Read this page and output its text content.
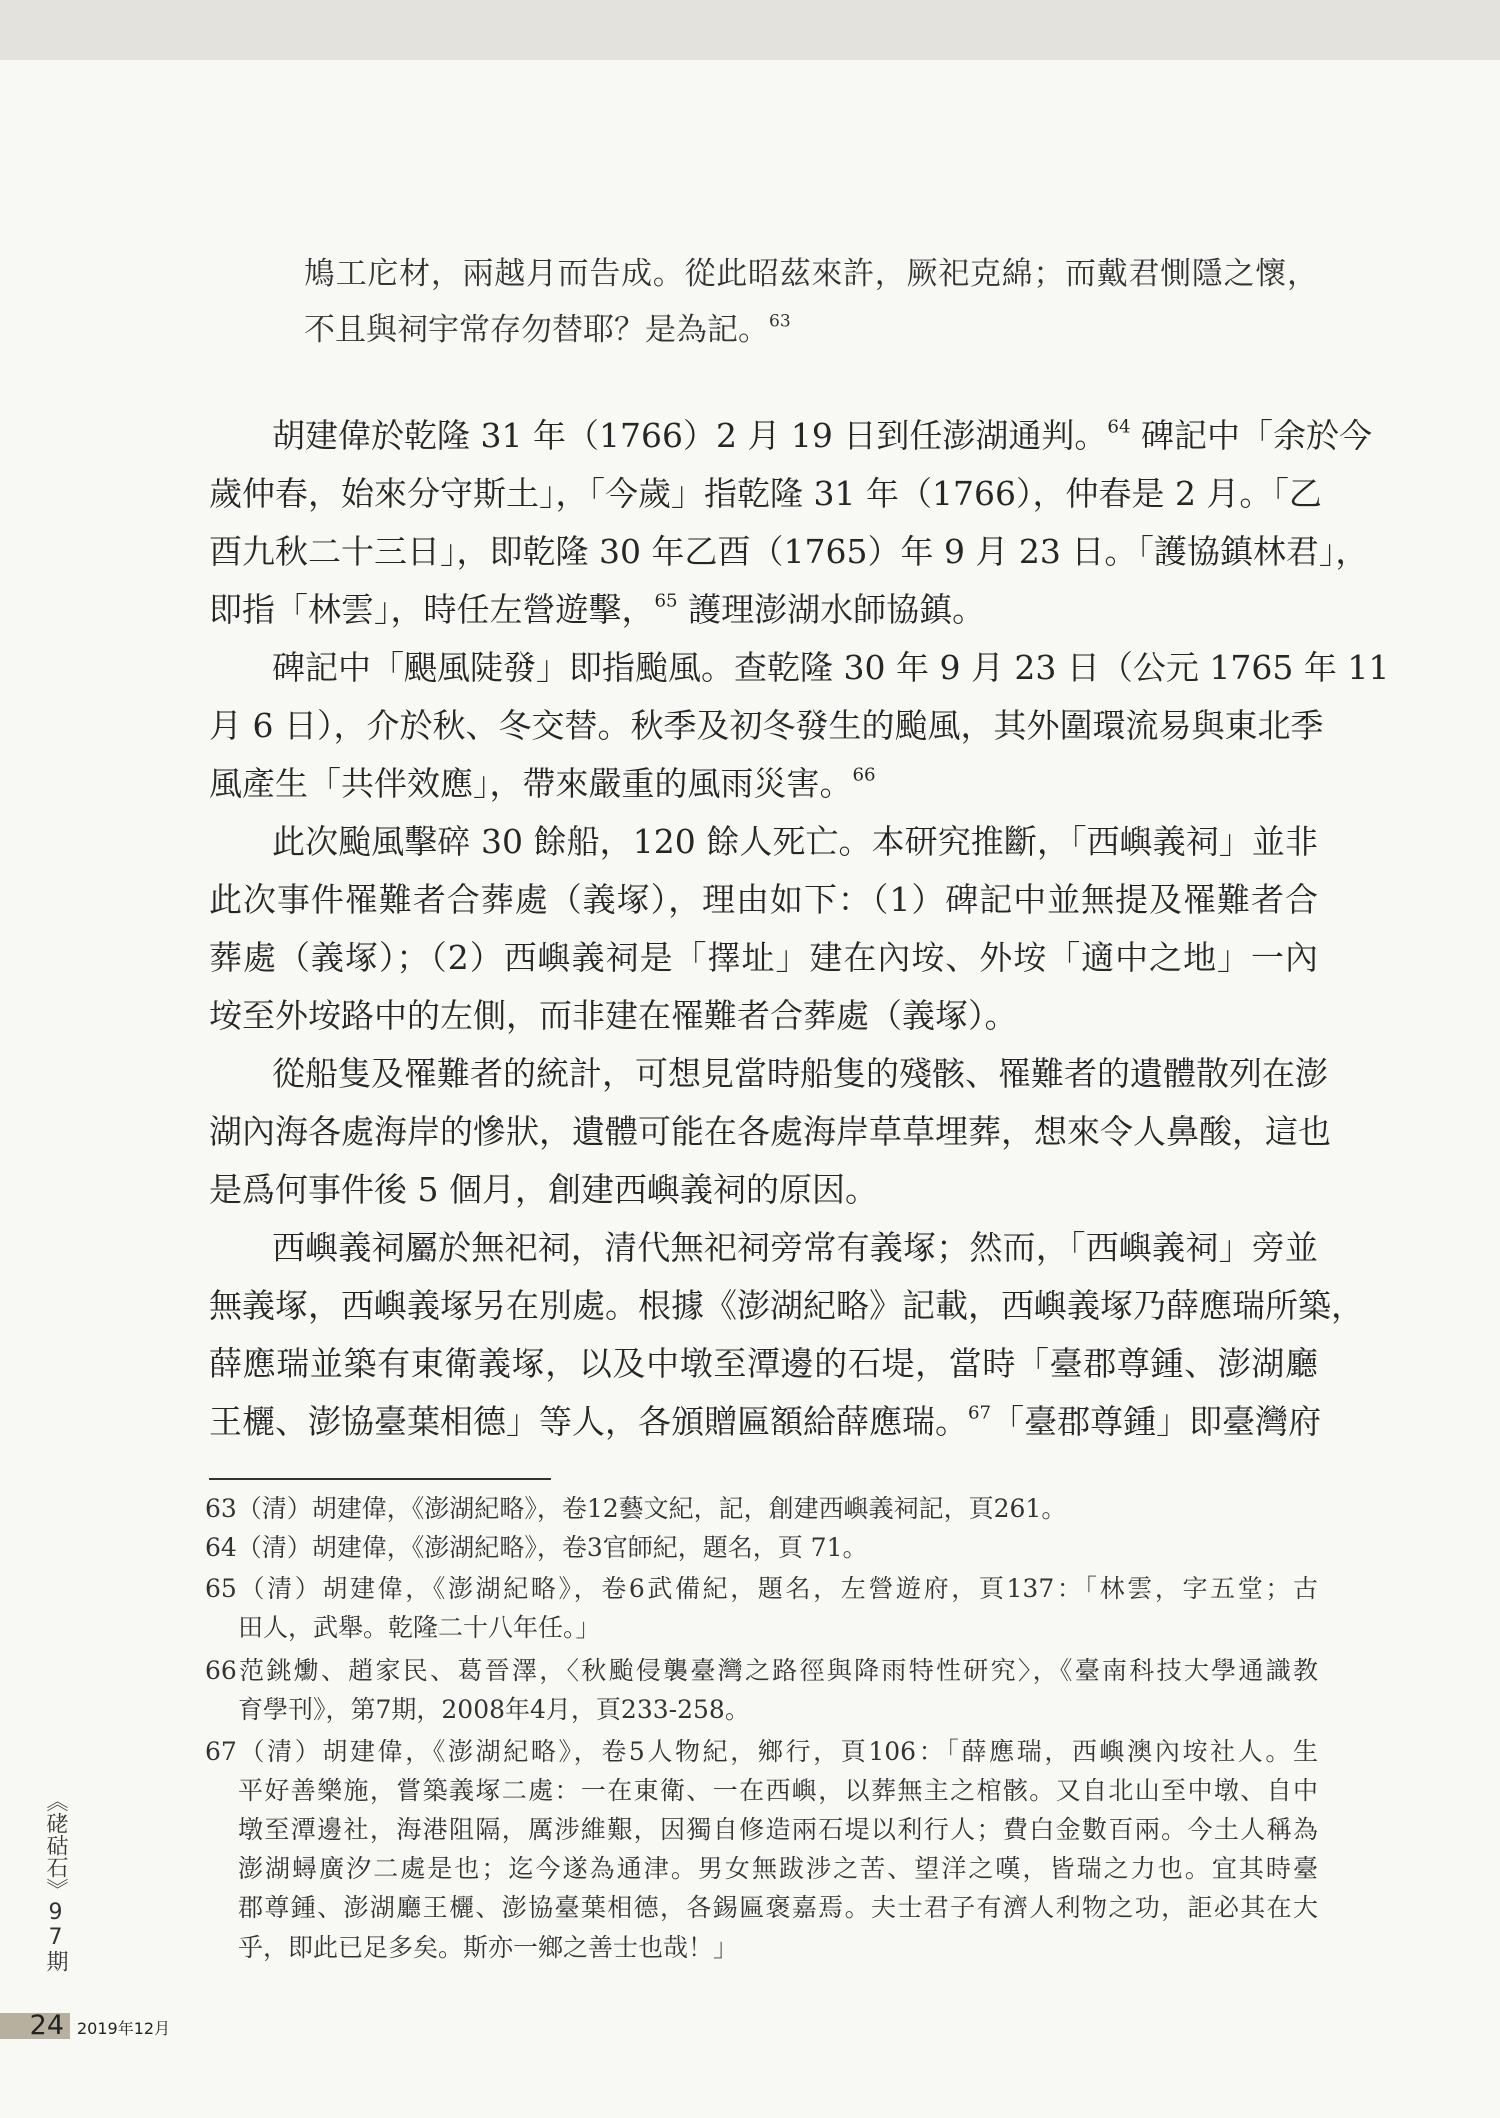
鳩工庀材，兩越月而告成。從此昭茲來許，厥祀克綿；而戴君惻隱之懷，
不且與祠宇常存勿替耶？是為記。$^{63}$
胡建偉於乾隆 31 年（1766）2 月 19 日到任澎湖通判。$^{64}$ 碑記中「余於今
歲仲春，始來分守斯土」，「今歲」指乾隆 31 年（1766），仲春是 2 月。「乙
酉九秋二十三日」，即乾隆 30 年乙酉（1765）年 9 月 23 日。「護協鎮林君」，
即指「林雲」，時任左營遊擊，$^{65}$ 護理澎湖水師協鎮。
碑記中「颶風陡發」即指颱風。查乾隆 30 年 9 月 23 日（公元 1765 年 11
月 6 日），介於秋、冬交替。秋季及初冬發生的颱風，其外圍環流易與東北季
風產生「共伴效應」，帶來嚴重的風雨災害。$^{66}$
此次颱風擊碎 30 餘船，120 餘人死亡。本研究推斷，「西嶼義祠」並非
此次事件罹難者合葬處（義塚），理由如下：（1）碑記中並無提及罹難者合
葬處（義塚）；（2）西嶼義祠是「擇址」建在內垵、外垵「適中之地」一內
垵至外垵路中的左側，而非建在罹難者合葬處（義塚）。
從船隻及罹難者的統計，可想見當時船隻的殘骸、罹難者的遺體散列在澎
湖內海各處海岸的慘狀，遺體可能在各處海岸草草埋葬，想來令人鼻酸，這也
是爲何事件後 5 個月，創建西嶼義祠的原因。
西嶼義祠屬於無祀祠，清代無祀祠旁常有義塚；然而，「西嶼義祠」旁並
無義塚，西嶼義塚另在別處。根據《澎湖紀略》記載，西嶼義塚乃薛應瑞所築，
薛應瑞並築有東衛義塚，以及中墩至潭邊的石堤，當時「臺郡尊鍾、澎湖廳
王欐、澎協臺葉相德」等人，各頒贈匾額給薛應瑞。$^{67}$「臺郡尊鍾」即臺灣府
63（清）胡建偉，《澎湖紀略》，卷12藝文紀，記，創建西嶼義祠記，頁261。
64（清）胡建偉，《澎湖紀略》，卷3官師紀，題名，頁 71。
65（清）胡建偉，《澎湖紀略》，卷6武備紀，題名，左營遊府，頁137：「林雲，字五堂；古
田人，武舉。乾隆二十八年任。」
66范銚爋、趙家民、葛晉澤，〈秋颱侵襲臺灣之路徑與降雨特性研究〉，《臺南科技大學通識教
育學刊》，第7期，2008年4月，頁233-258。
67（清）胡建偉，《澎湖紀略》，卷5人物紀，鄉行，頁106：「薛應瑞，西嶼澳內垵社人。生
平好善樂施，嘗築義塚二處：一在東衛、一在西嶼，以葬無主之棺骸。又自北山至中墩、自中
墩至潭邊社，海港阻隔，厲涉維艱，因獨自修造兩石堤以利行人；費白金數百兩。今土人稱為
澎湖蟳廣汐二處是也；迄今遂為通津。男女無跋涉之苦、望洋之嘆，皆瑞之力也。宜其時臺
郡尊鍾、澎湖廳王欐、澎協臺葉相德，各錫匾褒嘉焉。夫士君子有濟人利物之功，詎必其在大
乎，即此已足多矣。斯亦一鄉之善士也哉！」
《硓𥑮石》97期
24 2019年12月
